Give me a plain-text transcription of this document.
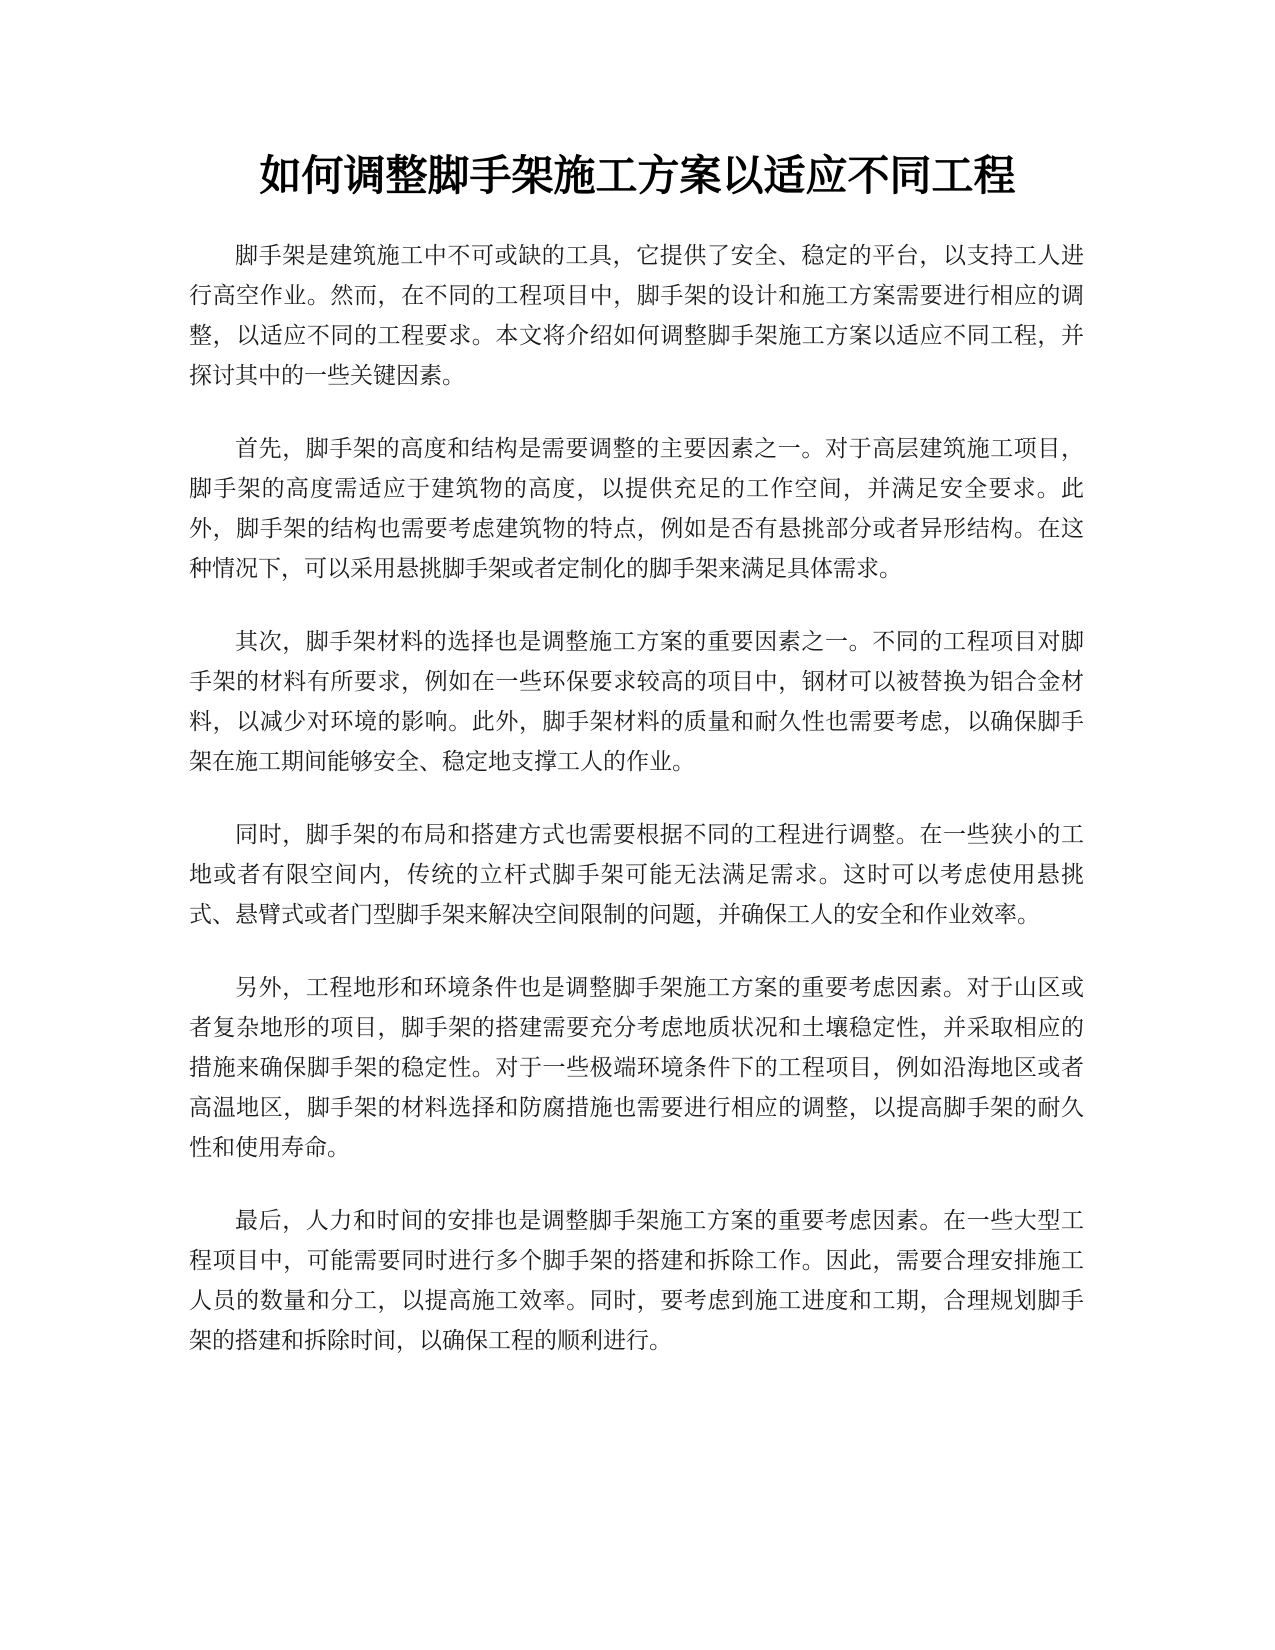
如何调整脚手架施工方案以适应不同工程

脚手架是建筑施工中不可或缺的工具，它提供了安全、稳定的平台，以支持工人进行高空作业。然而，在不同的工程项目中，脚手架的设计和施工方案需要进行相应的调整，以适应不同的工程要求。本文将介绍如何调整脚手架施工方案以适应不同工程，并探讨其中的一些关键因素。

首先，脚手架的高度和结构是需要调整的主要因素之一。对于高层建筑施工项目，脚手架的高度需适应于建筑物的高度，以提供充足的工作空间，并满足安全要求。此外，脚手架的结构也需要考虑建筑物的特点，例如是否有悬挑部分或者异形结构。在这种情况下，可以采用悬挑脚手架或者定制化的脚手架来满足具体需求。

其次，脚手架材料的选择也是调整施工方案的重要因素之一。不同的工程项目对脚手架的材料有所要求，例如在一些环保要求较高的项目中，钢材可以被替换为铝合金材料，以减少对环境的影响。此外，脚手架材料的质量和耐久性也需要考虑，以确保脚手架在施工期间能够安全、稳定地支撑工人的作业。

同时，脚手架的布局和搭建方式也需要根据不同的工程进行调整。在一些狭小的工地或者有限空间内，传统的立杆式脚手架可能无法满足需求。这时可以考虑使用悬挑式、悬臂式或者门型脚手架来解决空间限制的问题，并确保工人的安全和作业效率。

另外，工程地形和环境条件也是调整脚手架施工方案的重要考虑因素。对于山区或者复杂地形的项目，脚手架的搭建需要充分考虑地质状况和土壤稳定性，并采取相应的措施来确保脚手架的稳定性。对于一些极端环境条件下的工程项目，例如沿海地区或者高温地区，脚手架的材料选择和防腐措施也需要进行相应的调整，以提高脚手架的耐久性和使用寿命。

最后，人力和时间的安排也是调整脚手架施工方案的重要考虑因素。在一些大型工程项目中，可能需要同时进行多个脚手架的搭建和拆除工作。因此，需要合理安排施工人员的数量和分工，以提高施工效率。同时，要考虑到施工进度和工期，合理规划脚手架的搭建和拆除时间，以确保工程的顺利进行。
